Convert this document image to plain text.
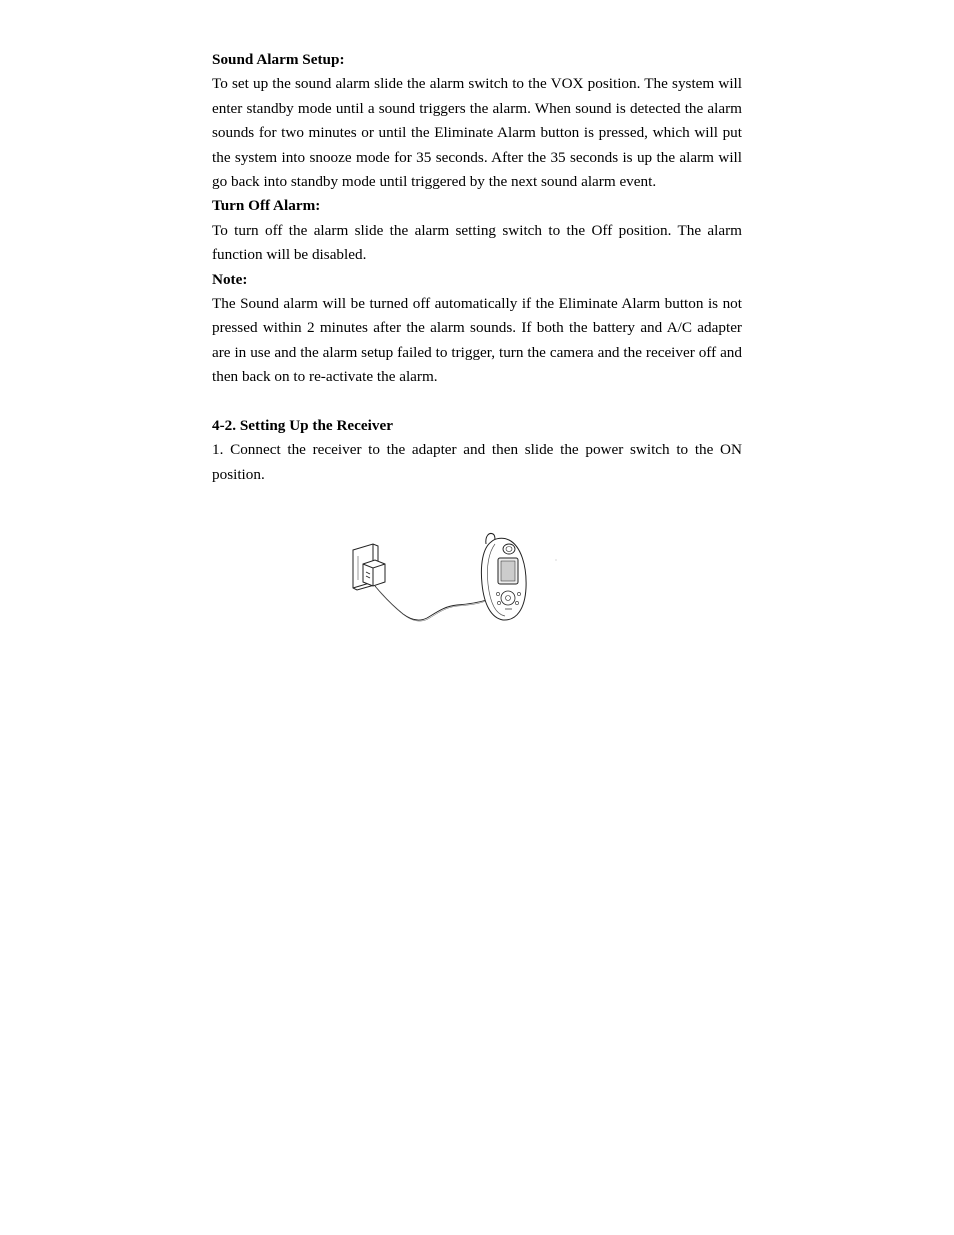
Sound Alarm Setup:

To set up the sound alarm slide the alarm switch to the VOX position. The system will enter standby mode until a sound triggers the alarm. When sound is detected the alarm sounds for two minutes or until the Eliminate Alarm button is pressed, which will put the system into snooze mode for 35 seconds. After the 35 seconds is up the alarm will go back into standby mode until triggered by the next sound alarm event.

Turn Off Alarm:

To turn off the alarm slide the alarm setting switch to the Off position. The alarm function will be disabled.

Note:

The Sound alarm will be turned off automatically if the Eliminate Alarm button is not pressed within 2 minutes after the alarm sounds. If both the battery and A/C adapter are in use and the alarm setup failed to trigger, turn the camera and the receiver off and then back on to re-activate the alarm.

4-2. Setting Up the Receiver

1. Connect the receiver to the adapter and then slide the power switch to the ON position.
